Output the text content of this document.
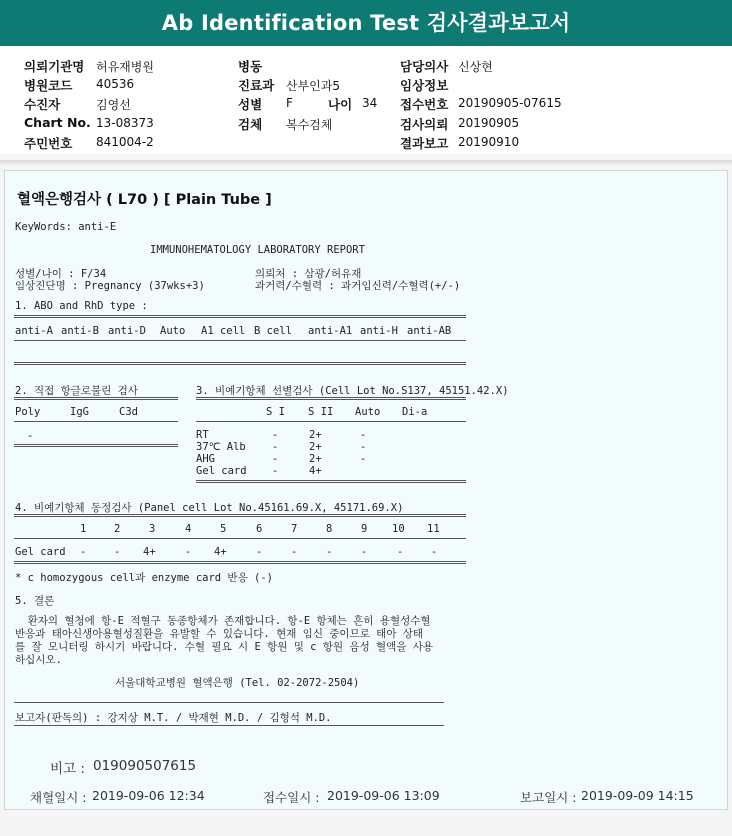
Ab Identification Test 검사결과보고서
의뢰기관명 허유재병원
병원코드 40536
수진자	김영선
Chart No. 13-08373
주민번호 841004-2
병동
진료과 산부인과5
성별 F	나이 34
검체 복수검체
담당의사 신상현
임상정보
접수번호 20190905-07615
검사의뢰 20190905
결과보고 20190910
혈액은행검사 ( L70 ) [ Plain Tube ]
KeyWords: anti-E
IMMUNOHEMATOLOGY LABORATORY REPORT
성별/나이 : F/34	의뢰처 : 삼광/허유재
임상진단명 : Pregnancy (37wks+3)	과거력/수혈력 : 과거임신력/수혈력(+/-)
1. ABO and RhD type :
anti-A anti-B anti-D Auto A1 cell B cell anti-A1 anti-H anti-AB
2. 직접 항글로불린 검사
Poly	IgG	C3d
-
3. 비예기항체 선별검사 (Cell Lot No.S137, 45151.42.X)
S I S II Auto Di-a
RT	-	2+	-
37℃ Alb	-	2+	-
AHG	-	2+	-
Gel card -	4+
4. 비예기항체 동정검사 (Panel cell Lot No.45161.69.X, 45171.69.X)
1	2	3	4	5	6	7	8	9 10 11
Gel card -	- 4+	- 4+	-	-	-	-	-	-
* c homozygous cell과 enzyme card 반응 (-)
5. 결론
환자의 혈청에 항-E 적혈구 동종항체가 존재합니다. 항-E 항체는 흔히 용혈성수혈
반응과 태아신생아용혈성질환을 유발할 수 있습니다. 현재 임신 중이므로 태아 상태
를 잘 모니터링 하시기 바랍니다. 수혈 필요 시 E 항원 및 c 항원 음성 혈액을 사용
하십시오.
서울대학교병원 혈액은행 (Tel. 02-2072-2504)
보고자(판독의) : 강지상 M.T. / 박재현 M.D. / 김형석 M.D.
비고 : 019090507615
채혈일시 : 2019-09-06 12:34	접수일시 : 2019-09-06 13:09	보고일시 : 2019-09-09 14:15
